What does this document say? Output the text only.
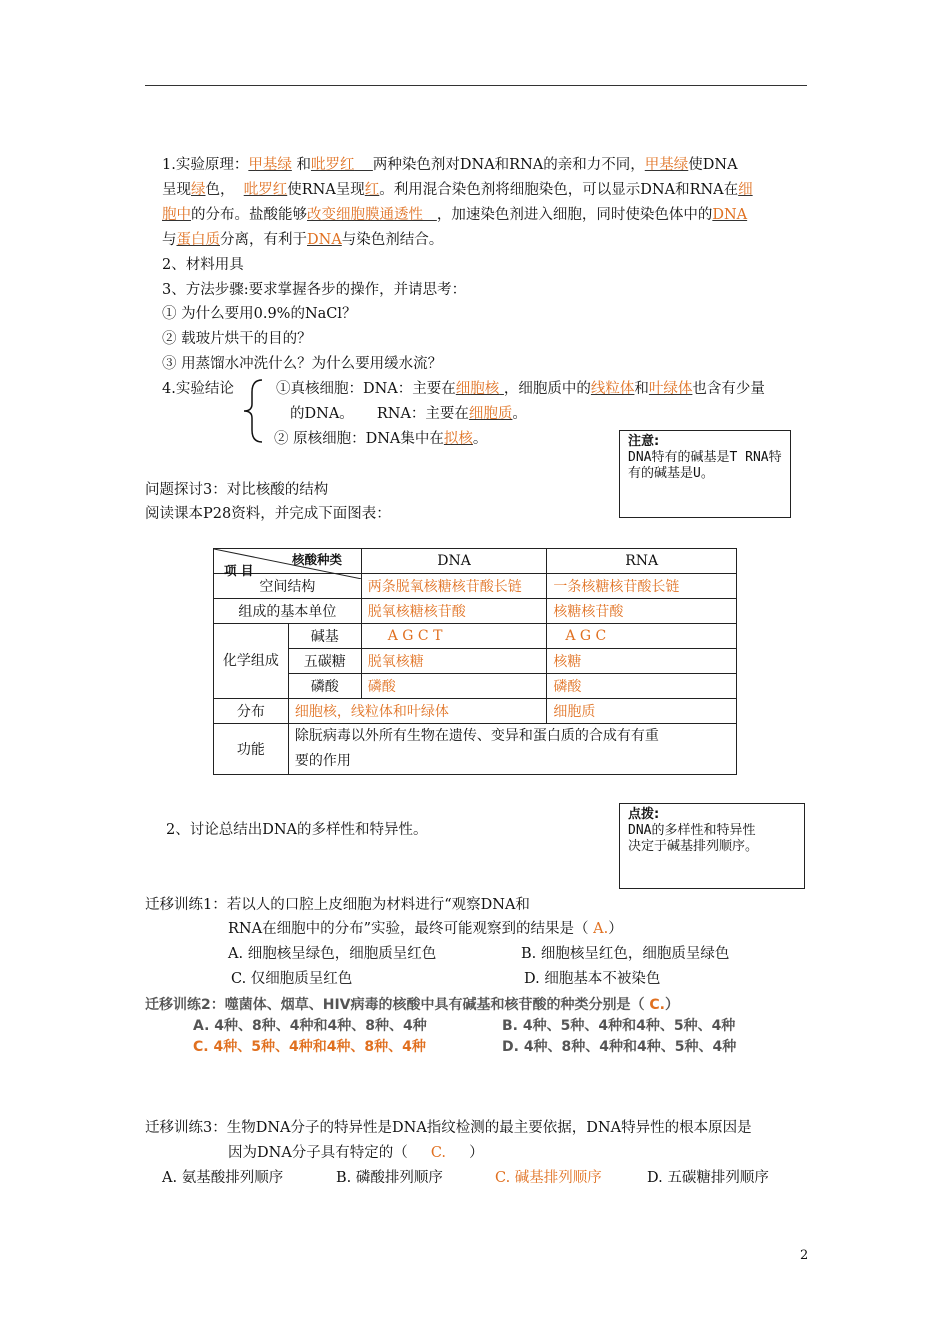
1.实验原理：甲基绿 和吡罗红 两种染色剂对DNA和RNA的亲和力不同，甲基绿使DNA
呈现绿色， 吡罗红使RNA呈现红。利用混合染色剂将细胞染色，可以显示DNA和RNA在细
胞中的分布。盐酸能够改变细胞膜通透性 ，加速染色剂进入细胞，同时使染色体中的DNA
与蛋白质分离，有利于DNA与染色剂结合。
2、材料用具
3、方法步骤:要求掌握各步的操作，并请思考：
① 为什么要用0.9%的NaCl？
② 载玻片烘干的目的？
③ 用蒸馏水冲洗什么？为什么要用缓水流？
4.实验结论	①真核细胞：DNA：主要在细胞核 ，细胞质中的线粒体和叶绿体也含有少量
的DNA。 RNA：主要在细胞质。
② 原核细胞：DNA集中在拟核。	注意:
DNA特有的碱基是T RNA特有的碱基是U。
问题探讨3：对比核酸的结构
阅读课本P28资料，并完成下面图表：
核酸种类
项 目		DNA	RNA
空间结构		两条脱氧核糖核苷酸长链	一条核糖核苷酸长链
组成的基本单位		脱氧核糖核苷酸	核糖核苷酸
化学组成	碱基	A G C T	A G C
	五碳糖	脱氧核糖	核糖
	磷酸	磷酸	磷酸
分布	细胞核，线粒体和叶绿体		细胞质
功能	除朊病毒以外所有生物在遗传、变异和蛋白质的合成有有重
要的作用		
2、讨论总结出DNA的多样性和特异性。
点拨:
DNA的多样性和特异性
决定于碱基排列顺序。
迁移训练1：若以人的口腔上皮细胞为材料进行“观察DNA和
RNA在细胞中的分布”实验，最终可能观察到的结果是（ A.）
A. 细胞核呈绿色，细胞质呈红色	B. 细胞核呈红色，细胞质呈绿色
C. 仅细胞质呈红色	D. 细胞基本不被染色
迁移训练2：噬菌体、烟草、HIV病毒的核酸中具有碱基和核苷酸的种类分别是（ C.）
A. 4种、8种、4种和4种、8种、4种	B. 4种、5种、4种和4种、5种、4种
C. 4种、5种、4种和4种、8种、4种	D. 4种、8种、4种和4种、5种、4种
迁移训练3：生物DNA分子的特异性是DNA指纹检测的最主要依据，DNA特异性的根本原因是
因为DNA分子具有特定的（ C. ）
A. 氨基酸排列顺序	B. 磷酸排列顺序	C. 碱基排列顺序	D. 五碳糖排列顺序
2
